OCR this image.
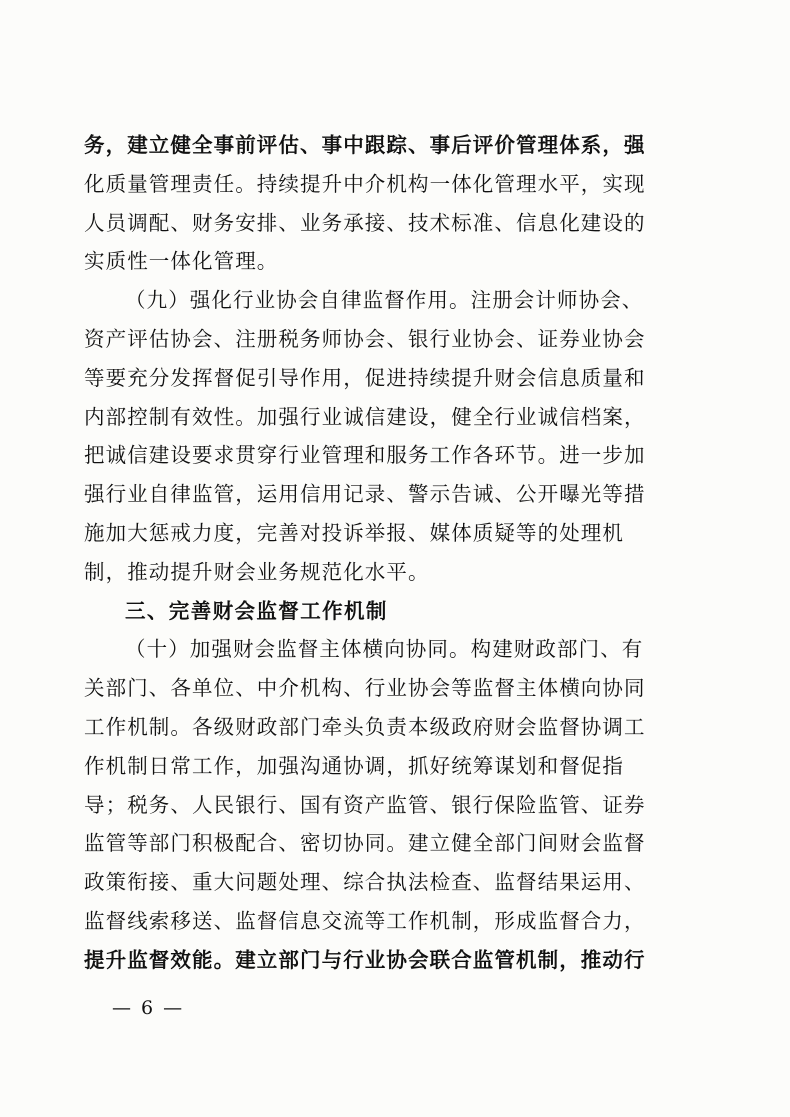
务，建立健全事前评估、事中跟踪、事后评价管理体系，强
化质量管理责任。持续提升中介机构一体化管理水平，实现
人员调配、财务安排、业务承接、技术标准、信息化建设的
实质性一体化管理。
（九）强化行业协会自律监督作用。注册会计师协会、
资产评估协会、注册税务师协会、银行业协会、证券业协会
等要充分发挥督促引导作用，促进持续提升财会信息质量和
内部控制有效性。加强行业诚信建设，健全行业诚信档案，
把诚信建设要求贯穿行业管理和服务工作各环节。进一步加
强行业自律监管，运用信用记录、警示告诫、公开曝光等措
施加大惩戒力度，完善对投诉举报、媒体质疑等的处理机
制，推动提升财会业务规范化水平。
三、完善财会监督工作机制
（十）加强财会监督主体横向协同。构建财政部门、有
关部门、各单位、中介机构、行业协会等监督主体横向协同
工作机制。各级财政部门牵头负责本级政府财会监督协调工
作机制日常工作，加强沟通协调，抓好统筹谋划和督促指
导；税务、人民银行、国有资产监管、银行保险监管、证券
监管等部门积极配合、密切协同。建立健全部门间财会监督
政策衔接、重大问题处理、综合执法检查、监督结果运用、
监督线索移送、监督信息交流等工作机制，形成监督合力，
提升监督效能。建立部门与行业协会联合监管机制，推动行
— 6 —
